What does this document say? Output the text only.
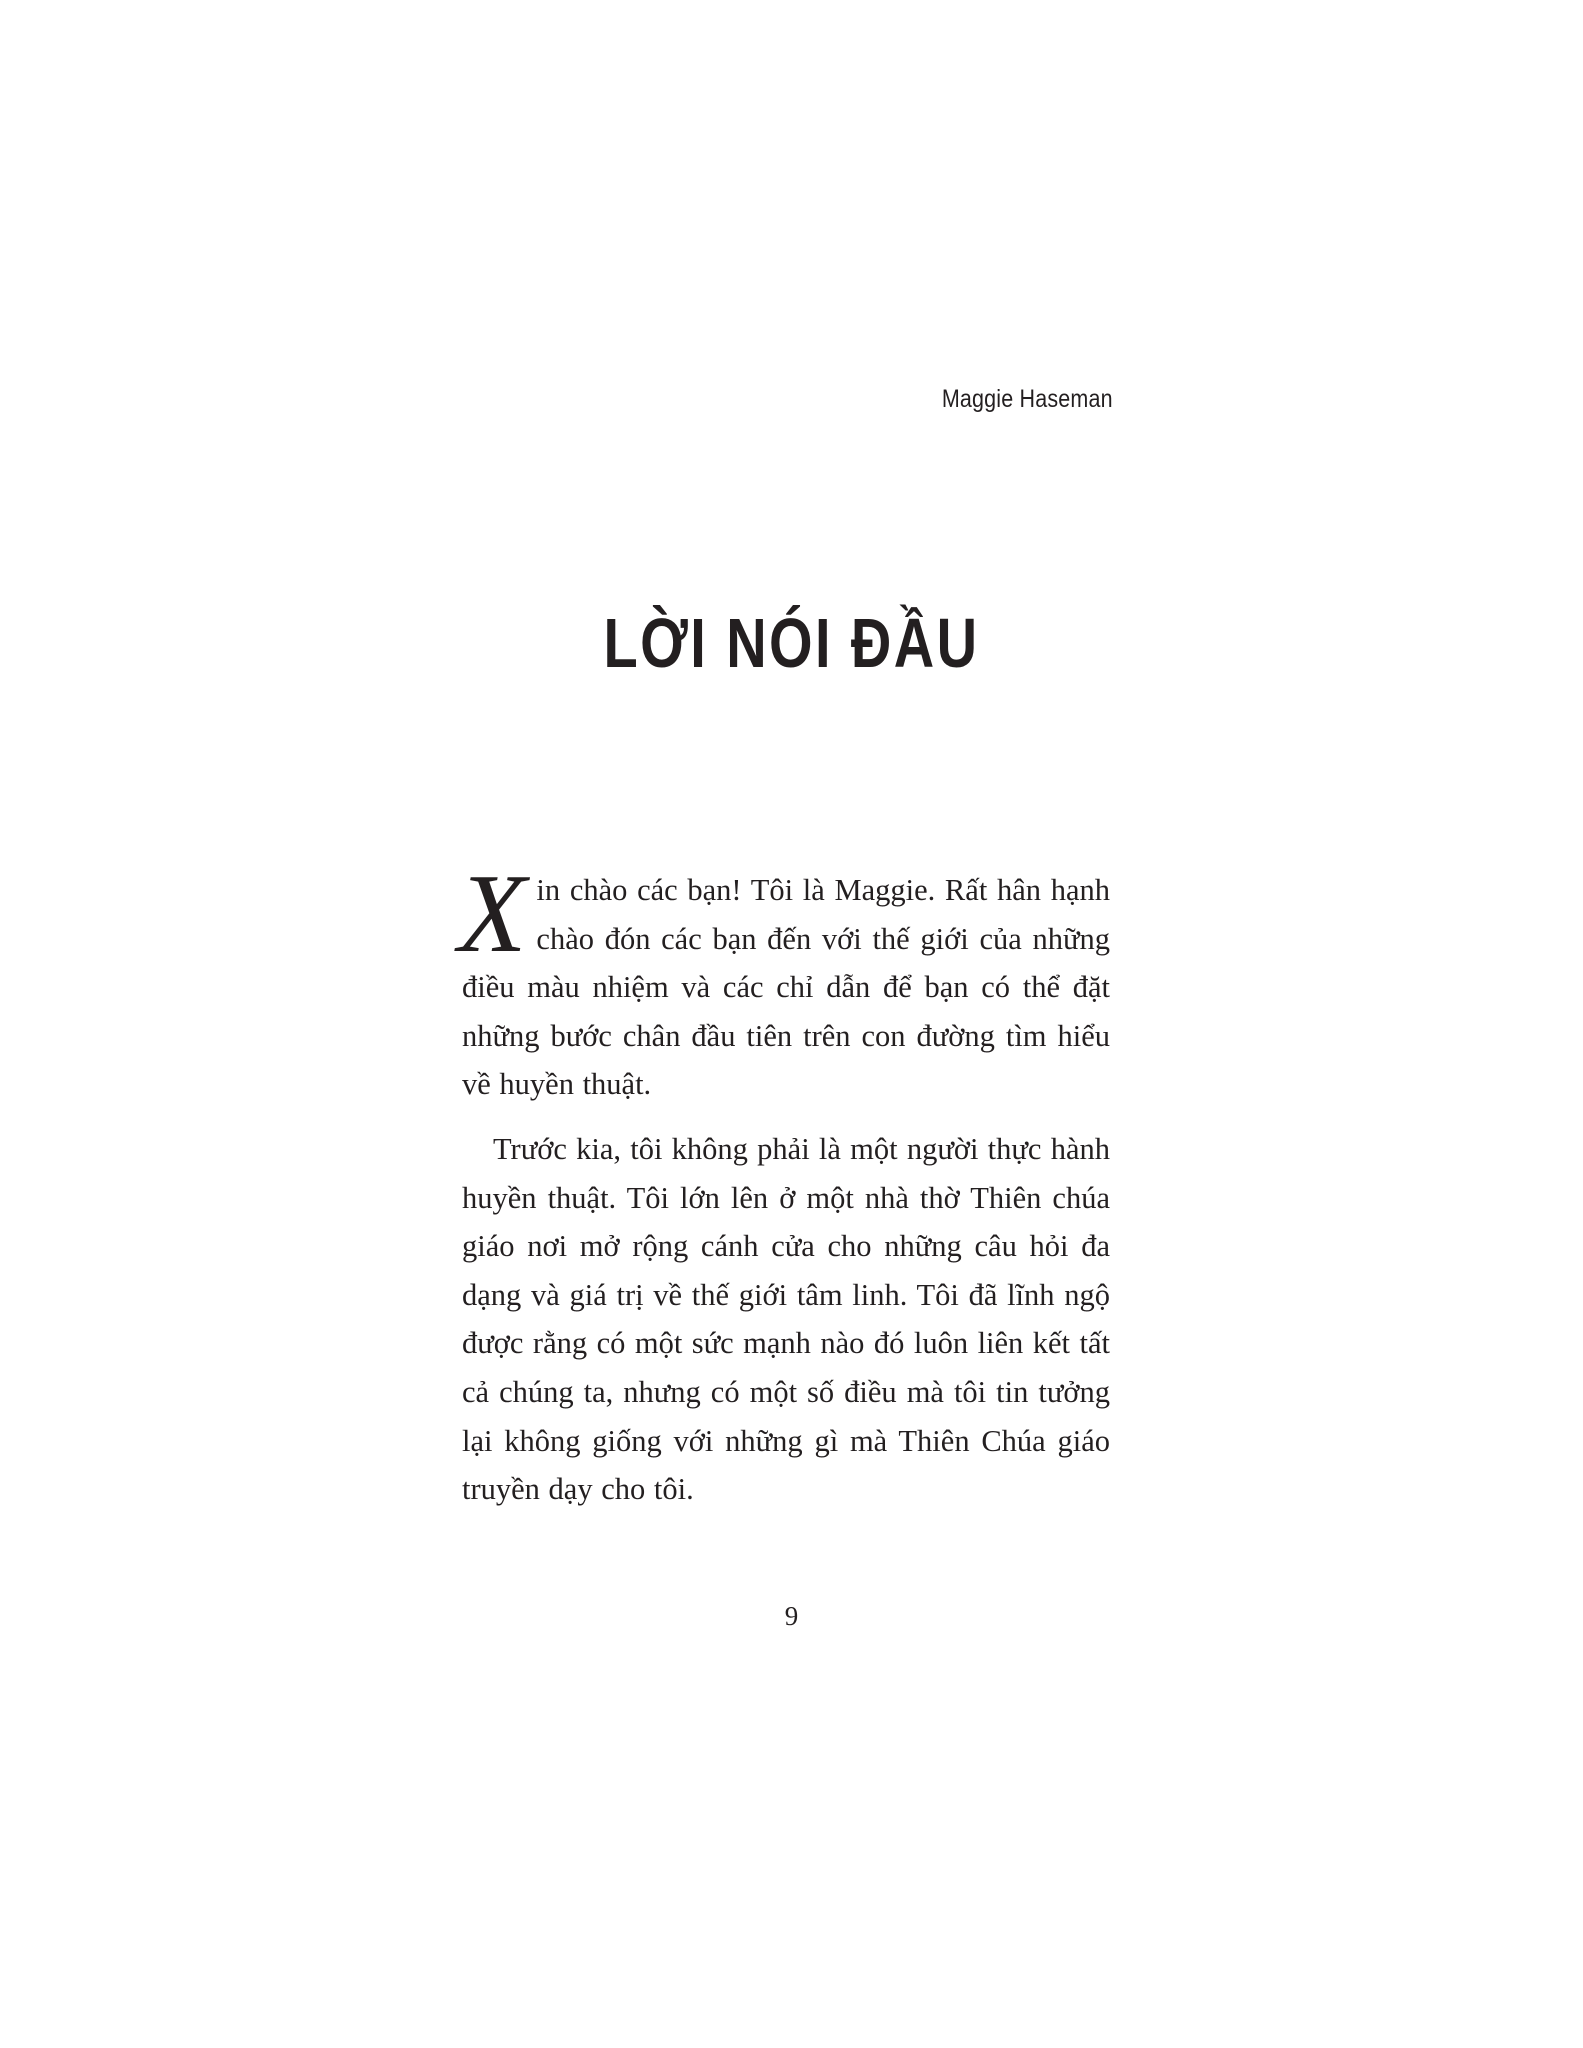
Maggie Haseman
LỜI NÓI ĐẦU

Xin chào các bạn! Tôi là Maggie. Rất hân hạnh chào đón các bạn đến với thế giới của những điều màu nhiệm và các chỉ dẫn để bạn có thể đặt những bước chân đầu tiên trên con đường tìm hiểu về huyền thuật.

Trước kia, tôi không phải là một người thực hành huyền thuật. Tôi lớn lên ở một nhà thờ Thiên chúa giáo nơi mở rộng cánh cửa cho những câu hỏi đa dạng và giá trị về thế giới tâm linh. Tôi đã lĩnh ngộ được rằng có một sức mạnh nào đó luôn liên kết tất cả chúng ta, nhưng có một số điều mà tôi tin tưởng lại không giống với những gì mà Thiên Chúa giáo truyền dạy cho tôi.

9
